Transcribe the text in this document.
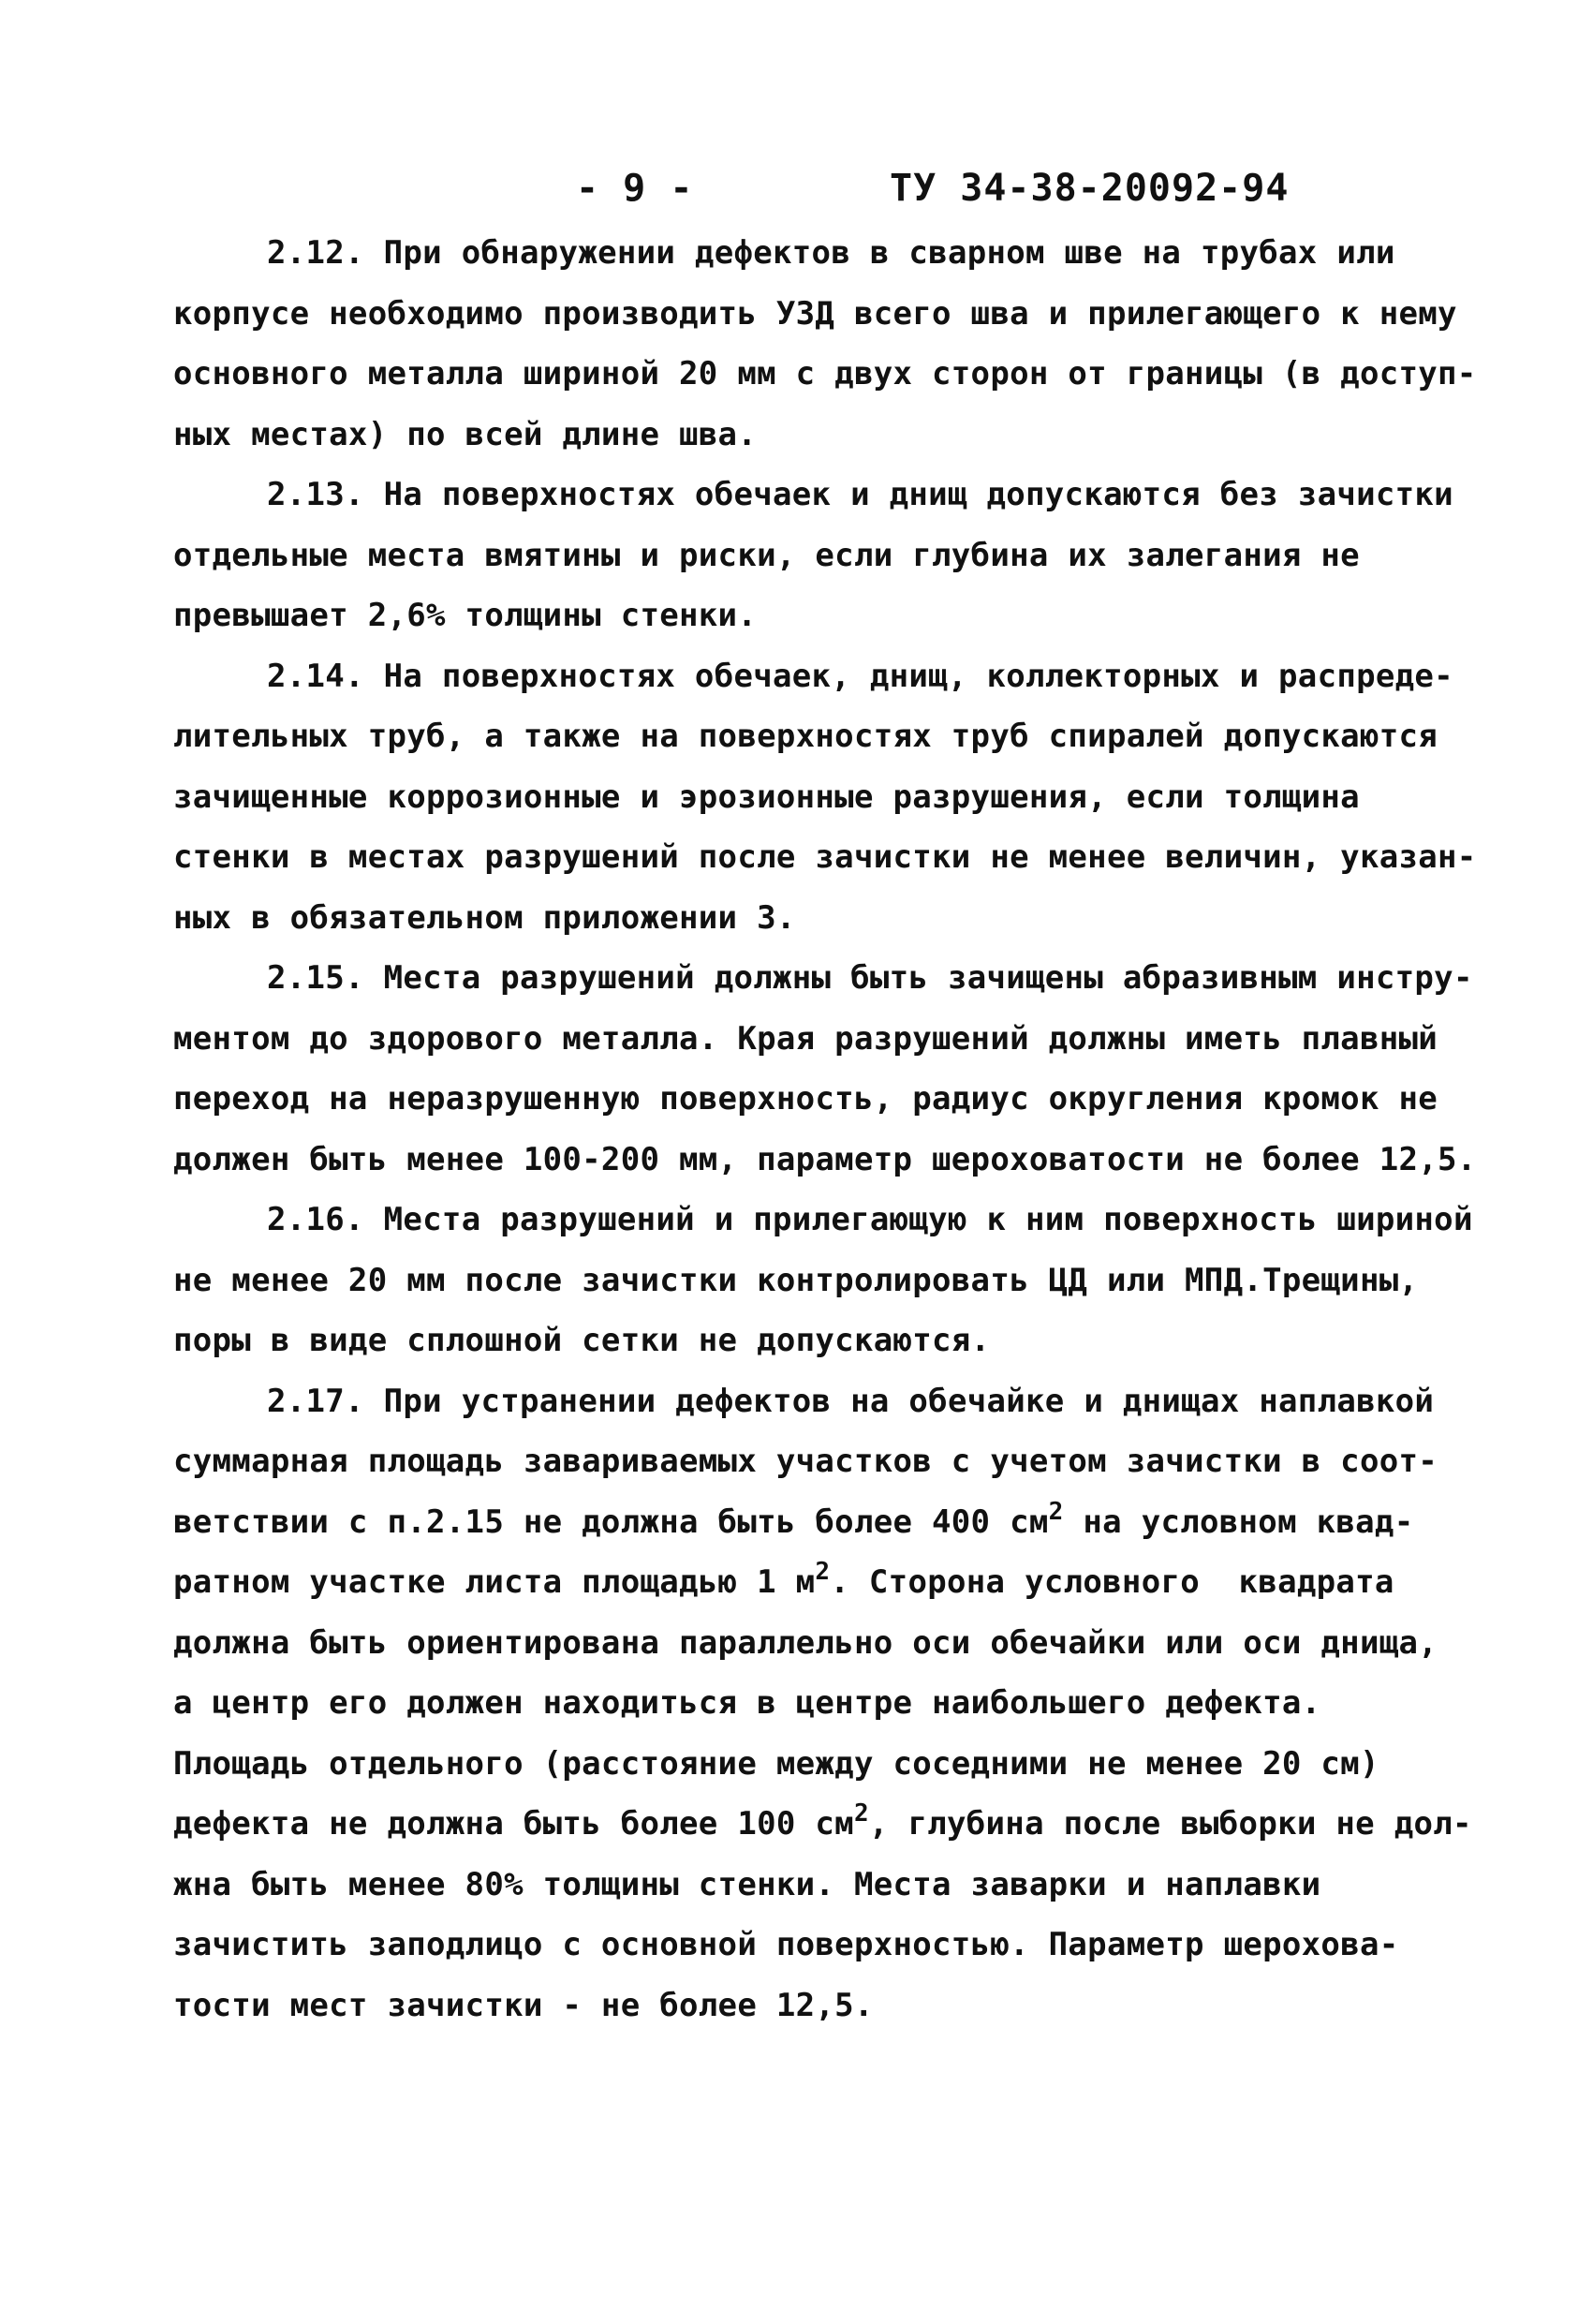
- 9 -	ТУ 34-38-20092-94
2.12. При обнаружении дефектов в сварном шве на трубах или
корпусе необходимо производить УЗД всего шва и прилегающего к нему
основного металла шириной 20 мм с двух сторон от границы (в доступ-
ных местах) по всей длине шва.
2.13. На поверхностях обечаек и днищ допускаются без зачистки
отдельные места вмятины и риски, если глубина их залегания не
превышает 2,6% толщины стенки.
2.14. На поверхностях обечаек, днищ, коллекторных и распреде-
лительных труб, а также на поверхностях труб спиралей допускаются
зачищенные коррозионные и эрозионные разрушения, если толщина
стенки в местах разрушений после зачистки не менее величин, указан-
ных в обязательном приложении 3.
2.15. Места разрушений должны быть зачищены абразивным инстру-
ментом до здорового металла. Края разрушений должны иметь плавный
переход на неразрушенную поверхность, радиус округления кромок не
должен быть менее 100-200 мм, параметр шероховатости не более 12,5.
2.16. Места разрушений и прилегающую к ним поверхность шириной
не менее 20 мм после зачистки контролировать ЦД или МПД.Трещины,
поры в виде сплошной сетки не допускаются.
2.17. При устранении дефектов на обечайке и днищах наплавкой
суммарная площадь завариваемых участков с учетом зачистки в соот-
ветствии с п.2.15 не должна быть более 400 $см^2$ на условном квад-
ратном участке листа площадью 1 $м^2$. Сторона условного  квадрата
должна быть ориентирована параллельно оси обечайки или оси днища,
а центр его должен находиться в центре наибольшего дефекта.
Площадь отдельного (расстояние между соседними не менее 20 см)
дефекта не должна быть более 100 $см^2$, глубина после выборки не дол-
жна быть менее 80% толщины стенки. Места заварки и наплавки
зачистить заподлицо с основной поверхностью. Параметр шерохова-
тости мест зачистки - не более 12,5.
